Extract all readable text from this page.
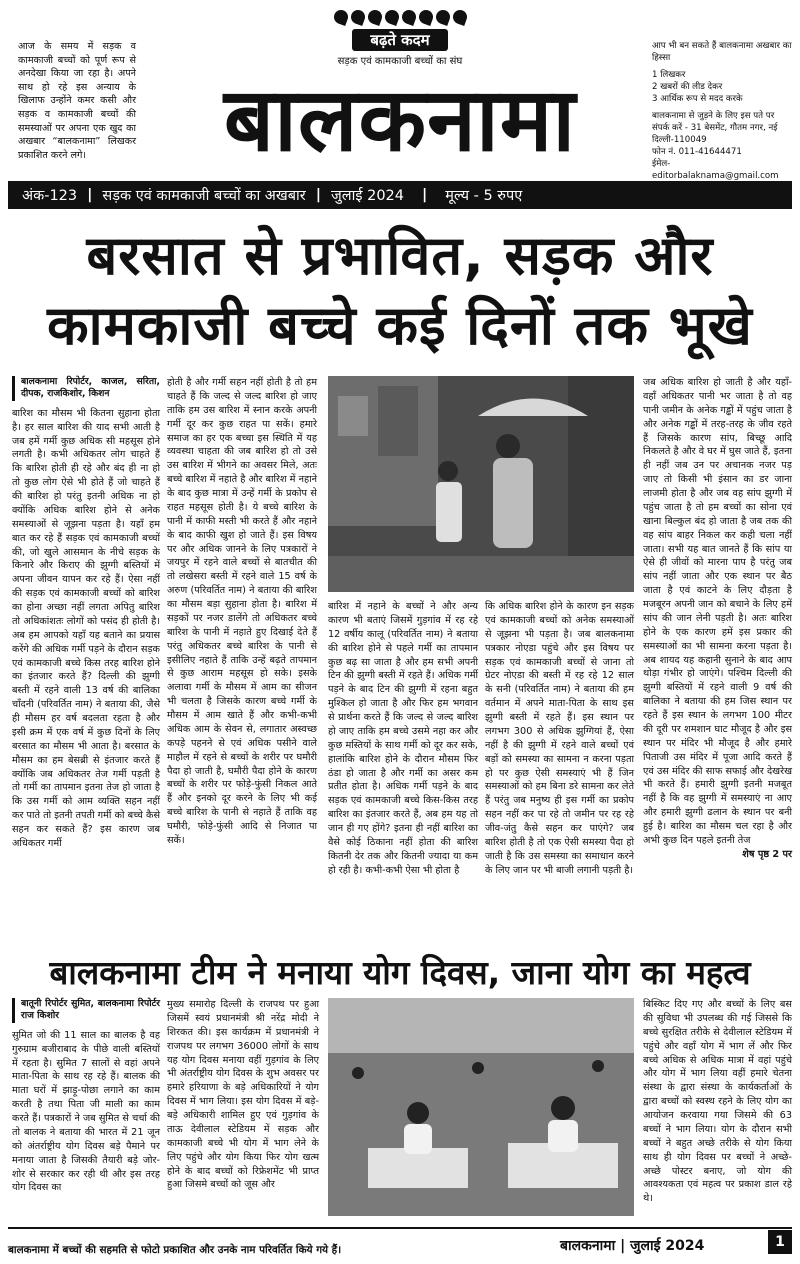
आज के समय में सड़क व कामकाजी बच्चों को पूर्ण रूप से अनदेखा किया जा रहा है। अपने साथ हो रहे इस अन्याय के खिलाफ उन्होंने कमर कसी और सड़क व कामकाजी बच्चों की समस्याओं पर अपना एक खुद का अखबार “बालकनामा” लिखकर प्रकाशित करने लगे।
बढ़ते कदम
सड़क एवं कामकाजी बच्चों का संघ
बालकनामा
आप भी बन सकते हैं बालकनामा अखबार का हिस्सा
1 लिखकर
2 खबरों की लीड देकर
3 आर्थिक रूप से मदद करके
बालकनामा से जुड़ने के लिए इस पते पर संपर्क करें - 31 बेसमेंट, गौतम नगर, नई दिल्ली-110049
फोन नं. 011-41644471
ईमेल- editorbalaknama@gmail.com
अंक-123 | सड़क एवं कामकाजी बच्चों का अखबार | जुलाई 2024 | मूल्य - 5 रुपए
बरसात से प्रभावित, सड़क और
कामकाजी बच्चे कई दिनों तक भूखे
बालकनामा रिपोर्टर, काजल, सरिता, दीपक, राजकिशोर, किशन
बारिश का मौसम भी कितना सुहाना होता है। हर साल बारिश की याद सभी आती है जब हमें गर्मी कुछ अधिक सी महसूस होने लगती है। कभी अधिकतर लोग चाहते हैं कि बारिश होती ही रहे और बंद ही ना हो तो कुछ लोग ऐसे भी होते हैं जो चाहते हैं की बारिश हो परंतु इतनी अधिक ना हो क्योंकि अधिक बारिश होने से अनेक समस्याओं से जूझना पड़ता है। यहाँ हम बात कर रहे हैं सड़क एवं कामकाजी बच्चों की, जो खुले आसमान के नीचे सड़क के किनारे और किराए की झुग्गी बस्तियों में अपना जीवन यापन कर रहे हैं। ऐसा नहीं की सड़क एवं कामकाजी बच्चों को बारिश का होना अच्छा नहीं लगता अपितु बारिश तो अधिकांशतः लोगों को पसंद ही होती है। अब हम आपको यहाँ यह बताने का प्रयास करेंगे की अधिक गर्मी पड़ने के दौरान सड़क एवं कामकाजी बच्चे किस तरह बारिश होने का इंतजार करते हैं? दिल्ली की झुग्गी बस्ती में रहने वाली 13 वर्ष की बालिका चाँदनी (परिवर्तित नाम) ने बताया की, जैसे ही मौसम हर वर्ष बदलता रहता है और इसी क्रम में एक वर्ष में कुछ दिनों के लिए बरसात का मौसम भी आता है। बरसात के मौसम का हम बेसब्री से इंतजार करते हैं क्योंकि जब अधिकतर तेज गर्मी पड़ती है तो गर्मी का तापमान इतना तेज हो जाता है कि उस गर्मी को आम व्यक्ति सहन नहीं कर पाते तो इतनी तपती गर्मी को बच्चे कैसे सहन कर सकते हैं? इस कारण जब अधिकतर गर्मी
होती है और गर्मी सहन नहीं होती है तो हम चाहते हैं कि जल्द से जल्द बारिश हो जाए ताकि हम उस बारिश में स्नान करके अपनी गर्मी दूर कर कुछ राहत पा सकें। हमारे समाज का हर एक बच्चा इस स्थिति में यह व्यवस्था चाहता की जब बारिश हो तो उसे उस बारिश में भीगने का अवसर मिले, अतः बच्चे बारिश में नहाते है और बारिश में नहाने के बाद कुछ मात्रा में उन्हें गर्मी के प्रकोप से राहत महसूस होती है। ये बच्चे बारिश के पानी में काफी मस्ती भी करते हैं और नहाने के बाद काफी खुश हो जाते हैं। इस विषय पर और अधिक जानने के लिए पत्रकारों ने जयपुर में रहने वाले बच्चों से बातचीत की तो लखेसरा बस्ती में रहने वाले 15 वर्ष के अरुण (परिवर्तित नाम) ने बताया की बारिश का मौसम बड़ा सुहाना होता है। बारिश में सड़कों पर नजर डालेंगे तो अधिकतर बच्चे बारिश के पानी में नहाते हुए दिखाई देते हैं परंतु अधिकतर बच्चे बारिश के पानी से इसीलिए नहाते हैं ताकि उन्हें बढ़ते तापमान से कुछ आराम महसूस हो सके। इसके अलावा गर्मी के मौसम में आम का सीजन भी चलता है जिसके कारण बच्चे गर्मी के मौसम में आम खाते हैं और कभी-कभी अधिक आम के सेवन से, लगातार अस्वच्छ कपड़े पहनने से एवं अधिक पसीने वाले माहौल में रहने से बच्चों के शरीर पर घमौरी पैदा हो जाती है, घमौरी पैदा होने के कारण बच्चों के शरीर पर फोड़े-फुंसी निकल आते हैं और इनको दूर करने के लिए भी कई बच्चे बारिश के पानी से नहाते हैं ताकि वह घमौरी, फोड़े-फुंसी आदि से निजात पा सकें।
बारिश में नहाने के बच्चों ने और अन्य कारण भी बताएं जिसमें गुड़गांव में रह रहे 12 वर्षीय कालू (परिवर्तित नाम) ने बताया की बारिश होने से पहले गर्मी का तापमान कुछ बढ़ सा जाता है और हम सभी अपनी टिन की झुग्गी बस्ती में रहते हैं। अधिक गर्मी पड़ने के बाद टिन की झुग्गी में रहना बहुत मुश्किल हो जाता है और फिर हम भगवान से प्रार्थना करते हैं कि जल्द से जल्द बारिश हो जाए ताकि हम बच्चे उसमे नहा कर और कुछ मस्तियों के साथ गर्मी को दूर कर सके, हालांकि बारिश होने के दौरान मौसम फिर ठंडा हो जाता है और गर्मी का असर कम प्रतीत होता है। अधिक गर्मी पड़ने के बाद सड़क एवं कामकाजी बच्चे किस-किस तरह बारिश का इंतजार करते हैं, अब हम यह तो जान ही गए होंगे? इतना ही नहीं बारिश का वैसे कोई ठिकाना नहीं होता की बारिश कितनी देर तक और कितनी ज्यादा या कम हो रही है। कभी-कभी ऐसा भी होता है
कि अधिक बारिश होने के कारण इन सड़क एवं कामकाजी बच्चों को अनेक समस्याओं से जूझना भी पड़ता है। जब बालकनामा पत्रकार नोएडा पहुंचे और इस विषय पर सड़क एवं कामकाजी बच्चों से जाना तो ग्रेटर नोएडा की बस्ती में रह रहे 12 साल के सनी (परिवर्तित नाम) ने बताया की हम वर्तमान में अपने माता-पिता के साथ इस झुग्गी बस्ती में रहते हैं। इस स्थान पर लगभग 300 से अधिक झुग्गियां हैं, ऐसा नहीं है की झुग्गी में रहने वाले बच्चों एवं बड़ों को समस्या का सामना न करना पड़ता हो पर कुछ ऐसी समस्याएं भी हैं जिन समस्याओं को हम बिना डरे सामना कर लेते हैं परंतु जब मनुष्य ही इस गर्मी का प्रकोप सहन नहीं कर पा रहे तो जमीन पर रह रहे जीव-जंतु कैसे सहन कर पाएंगे? जब बारिश होती है तो एक ऐसी समस्या पैदा हो जाती है कि उस समस्या का समाधान करने के लिए जान पर भी बाजी लगानी पड़ती है।
जब अधिक बारिश हो जाती है और यहाँ-वहाँ अधिकतर पानी भर जाता है तो वह पानी जमीन के अनेक गड्ढों में पहुंच जाता है और अनेक गड्ढों में तरह-तरह के जीव रहते हैं जिसके कारण सांप, बिच्छू आदि निकलते है और वे घर में घुस जाते हैं, इतना ही नहीं जब उन पर अचानक नजर पड़ जाए तो किसी भी इंसान का डर जाना लाजमी होता है और जब वह सांप झुग्गी में पहुंच जाता है तो हम बच्चों का सोना एवं खाना बिल्कुल बंद हो जाता है जब तक की वह सांप बाहर निकल कर कही चला नहीं जाता। सभी यह बात जानते हैं कि सांप या ऐसे ही जीवों को मारना पाप है परंतु जब सांप नहीं जाता और एक स्थान पर बैठ जाता है एवं काटने के लिए दौड़ता है मजबूरन अपनी जान को बचाने के लिए हमें सांप की जान लेनी पड़ती है। अतः बारिश होने के एक कारण हमें इस प्रकार की समस्याओं का भी सामना करना पड़ता है। अब शायद यह कहानी सुनाने के बाद आप थोड़ा गंभीर हो जाएंगे। पश्चिम दिल्ली की झुग्गी बस्तियों में रहने वाली 9 वर्ष की बालिका ने बताया की हम जिस स्थान पर रहते हैं इस स्थान के लगभग 100 मीटर की दूरी पर शमशान घाट मौजूद है और इस स्थान पर मंदिर भी मौजूद है और हमारे पिताजी उस मंदिर में पूजा आदि करते हैं एवं उस मंदिर की साफ सफाई और देखरेख भी करते हैं। हमारी झुग्गी इतनी मजबूत नहीं है कि वह झुग्गी में समस्याएं ना आए और हमारी झुग्गी ढलान के स्थान पर बनी हुई है। बारिश का मौसम चल रहा है और अभी कुछ दिन पहले इतनी तेज
शेष पृष्ठ 2 पर
बालकनामा टीम ने मनाया योग दिवस, जाना योग का महत्व
बातूनी रिपोर्टर सुमित, बालकनामा रिपोर्टर राज किशोर
सुमित जो की 11 साल का बालक है वह गुरुग्राम बजीराबाद के पीछे वाली बस्तियों में रहता है। सुमित 7 सालों से वहां अपने माता-पिता के साथ रह रहे हैं। बालक की माता घरों में झाड़ू-पोछा लगाने का काम करती है तथा पिता जी माली का काम करते हैं। पत्रकारों ने जब सुमित से चर्चा की तो बालक ने बताया की भारत में 21 जून को अंतर्राष्ट्रीय योग दिवस बड़े पैमाने पर मनाया जाता है जिसकी तैयारी बड़े जोर-शोर से सरकार कर रही थी और इस तरह योग दिवस का
मुख्य समारोह दिल्ली के राजपथ पर हुआ जिसमें स्वयं प्रधानमंत्री श्री नरेंद्र मोदी ने शिरकत की। इस कार्यक्रम में प्रधानमंत्री ने राजपथ पर लगभग 36000 लोगों के साथ यह योग दिवस मनाया वहीं गुड़गांव के लिए भी अंतर्राष्ट्रीय योग दिवस के शुभ अवसर पर हमारे हरियाणा के बड़े अधिकारियों ने योग दिवस में भाग लिया। इस योग दिवस में बड़े-बड़े अधिकारी शामिल हुए एवं गुड़गांव के ताऊ देवीलाल स्टेडियम में सड़क और कामकाजी बच्चे भी योग में भाग लेने के लिए पहुंचे और योग किया फिर योग खत्म होने के बाद बच्चों को रिफ्रेशमेंट भी प्राप्त हुआ जिसमे बच्चों को जूस और
बिस्किट दिए गए और बच्चों के लिए बस की सुविधा भी उपलब्ध की गई जिससे कि बच्चे सुरक्षित तरीके से देवीलाल स्टेडियम में पहुंचे और वहाँ योग में भाग लें और फिर बच्चे अधिक से अधिक मात्रा में वहां पहुंचे और योग में भाग लिया वहीं हमारे चेतना संस्था के द्वारा संस्था के कार्यकर्ताओं के द्वारा बच्चों को स्वस्थ रहने के लिए योग का आयोजन करवाया गया जिसमे की 63 बच्चों ने भाग लिया। योग के दौरान सभी बच्चों ने बहुत अच्छे तरीके से योग किया साथ ही योग दिवस पर बच्चों ने अच्छे-अच्छे पोस्टर बनाए, जो योग की आवश्यकता एवं महत्व पर प्रकाश डाल रहे थे।
बालकनामा में बच्चों की सहमति से फोटो प्रकाशित और उनके नाम परिवर्तित किये गये हैं।	बालकनामा | जुलाई 2024	1
